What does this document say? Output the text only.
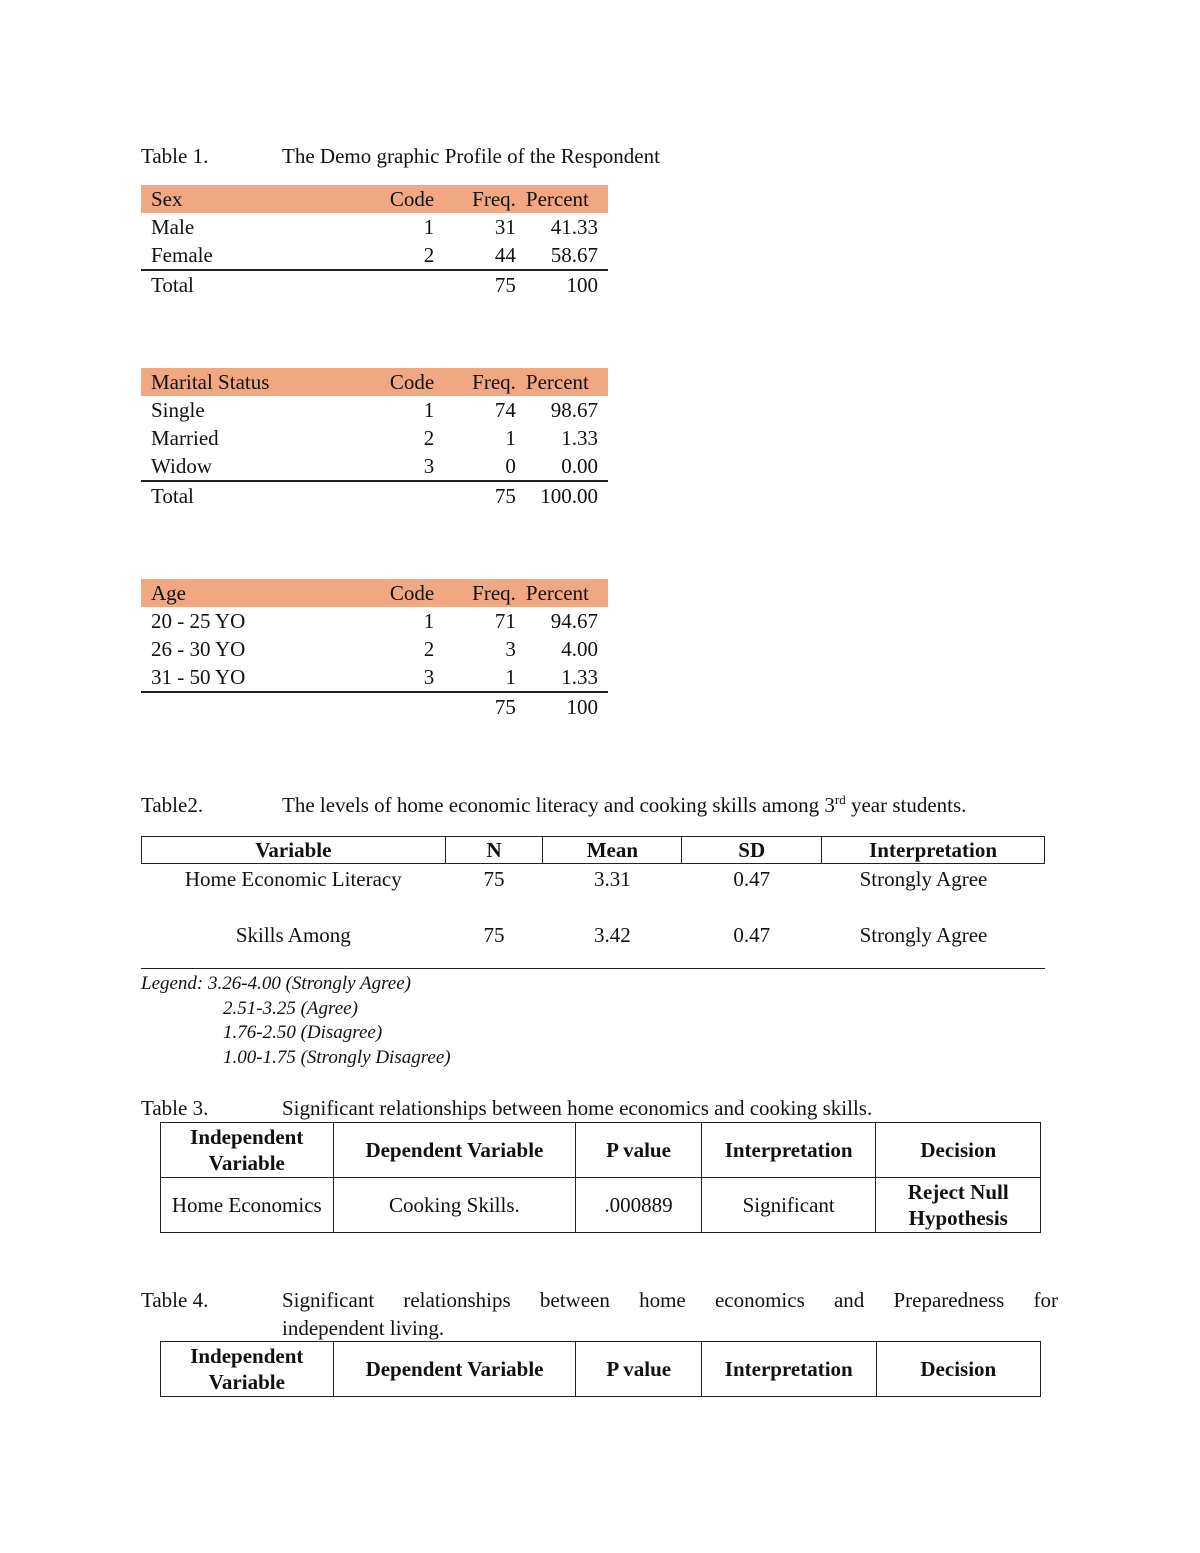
Table 1.	The Demo graphic Profile of the Respondent
Sex	Code	Freq.	Percent
Male	1	31	41.33
Female	2	44	58.67
Total		75	100
Marital Status	Code	Freq.	Percent
Single	1	74	98.67
Married	2	1	1.33
Widow	3	0	0.00
Total		75	100.00
Age	Code	Freq.	Percent
20 - 25 YO	1	71	94.67
26 - 30 YO	2	3	4.00
31 - 50 YO	3	1	1.33
		75	100
Table2.	The levels of home economic literacy and cooking skills among 3rd year students.
Variable	N	Mean	SD	Interpretation
Home Economic Literacy	75	3.31	0.47	Strongly Agree
Skills Among	75	3.42	0.47	Strongly Agree
Legend: 3.26-4.00 (Strongly Agree)
2.51-3.25 (Agree)
1.76-2.50 (Disagree)
1.00-1.75 (Strongly Disagree)
Table 3.	Significant relationships between home economics and cooking skills.
Independent Variable	Dependent Variable	P value	Interpretation	Decision
Home Economics	Cooking Skills.	.000889	Significant	Reject Null Hypothesis
Table 4.	Significant relationships between home economics and Preparedness for
independent living.
Independent Variable	Dependent Variable	P value	Interpretation	Decision
